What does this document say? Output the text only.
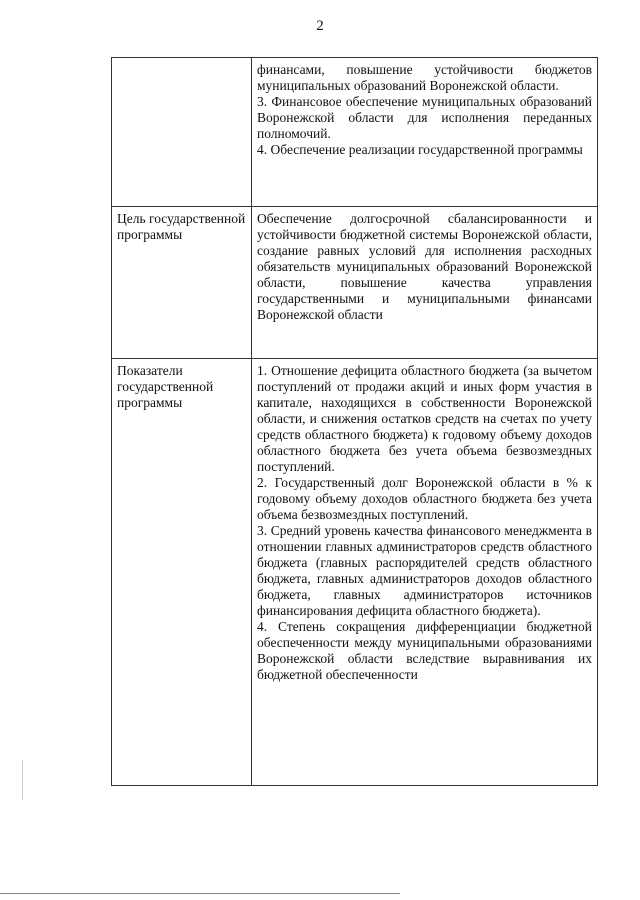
2

	финансами, повышение устойчивости бюджетов муниципальных образований Воронежской области.

3. Финансовое обеспечение муниципальных образований Воронежской области для исполнения переданных полномочий.

4. Обеспечение реализации государственной программы

Цель государственной программы	Обеспечение долгосрочной сбалансированности и устойчивости бюджетной системы Воронежской области, создание равных условий для исполнения расходных обязательств муниципальных образований Воронежской области, повышение качества управления государственными и муниципальными финансами Воронежской области

Показатели государственной программы	1. Отношение дефицита областного бюджета (за вычетом поступлений от продажи акций и иных форм участия в капитале, находящихся в собственности Воронежской области, и снижения остатков средств на счетах по учету средств областного бюджета) к годовому объему доходов областного бюджета без учета объема безвозмездных поступлений.

2. Государственный долг Воронежской области в % к годовому объему доходов областного бюджета без учета объема безвозмездных поступлений.

3. Средний уровень качества финансового менеджмента в отношении главных администраторов средств областного бюджета (главных распорядителей средств областного бюджета, главных администраторов доходов областного бюджета, главных администраторов источников финансирования дефицита областного бюджета).

4. Степень сокращения дифференциации бюджетной обеспеченности между муниципальными образованиями Воронежской области вследствие выравнивания их бюджетной обеспеченности
